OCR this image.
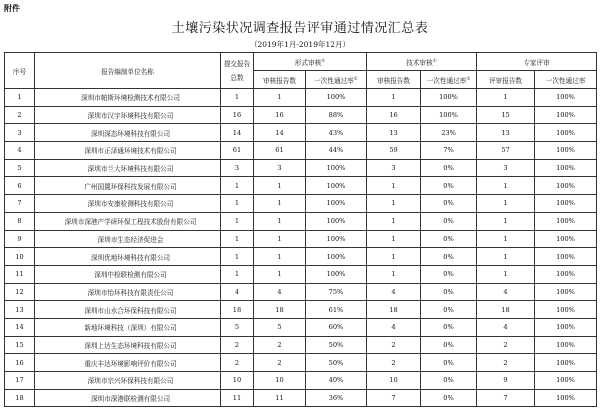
附件
土壤污染状况调查报告评审通过情况汇总表
（2019年1月-2019年12月）
序号	报告编制单位名称	提交报告总数	形式审核①		技术审核①		专家评审	
			审核报告数	一次性通过率①	审核报告数	一次性通过率①	评审报告数	一次性通过率
1	深圳市帕斯环境检测技术有限公司	1	1	100%	1	100%	1	100%
2	深圳市汉宇环境科技有限公司	16	16	88%	16	100%	15	100%
3	深圳深态环境科技有限公司	14	14	43%	13	23%	13	100%
4	深圳市正泽通环境技术有限公司	61	61	44%	59	7%	57	100%
5	深圳市兰大环境科技有限公司	3	3	100%	3	0%	3	100%
6	广州国置环保科技发展有限公司	1	1	100%	1	0%	1	100%
7	深圳市安康检测科技有限公司	1	1	100%	1	0%	1	100%
8	深圳市深港产学研环保工程技术股份有限公司	1	1	100%	1	0%	1	100%
9	深圳市生态经济促进会	1	1	100%	1	0%	1	100%
10	深圳优地环境科技有限公司	1	1	100%	1	0%	1	100%
11	深圳中检联检测有限公司	1	1	100%	1	0%	1	100%
12	深圳市怡环科技有限责任公司	4	4	75%	4	0%	4	100%
13	深圳市山水合环保科技有限公司	18	18	61%	18	0%	18	100%
14	新地环境科技（深圳）有限公司	5	5	60%	4	0%	4	100%
15	深圳上达生态环境科技有限公司	2	2	50%	2	0%	2	100%
16	重庆丰达环境影响评价有限公司	2	2	50%	2	0%	2	100%
17	深圳市宗兴环保科技有限公司	10	10	40%	10	0%	9	100%
18	深圳市深港联检测有限公司	11	11	36%	7	0%	7	100%
